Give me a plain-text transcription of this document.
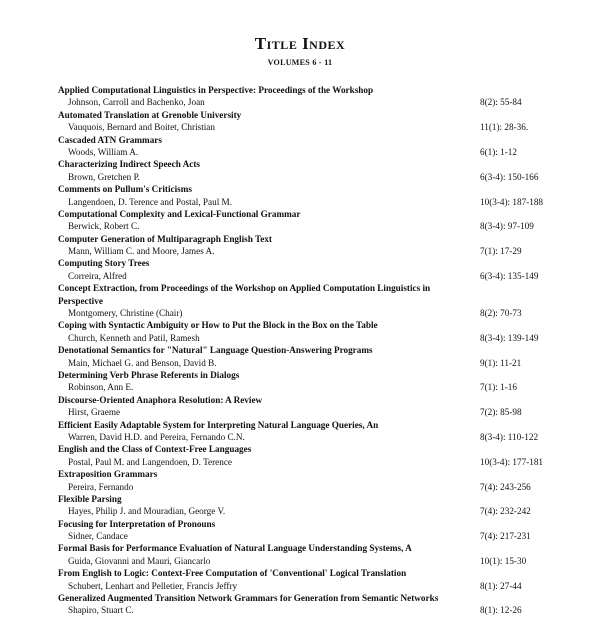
Title Index
VOLUMES 6 - 11
Applied Computational Linguistics in Perspective: Proceedings of the Workshop
Johnson, Carroll and Bachenko, Joan	8(2): 55-84
Automated Translation at Grenoble University
Vauquois, Bernard and Boitet, Christian	11(1): 28-36.
Cascaded ATN Grammars
Woods, William A.	6(1): 1-12
Characterizing Indirect Speech Acts
Brown, Gretchen P.	6(3-4): 150-166
Comments on Pullum's Criticisms
Langendoen, D. Terence and Postal, Paul M.	10(3-4): 187-188
Computational Complexity and Lexical-Functional Grammar
Berwick, Robert C.	8(3-4): 97-109
Computer Generation of Multiparagraph English Text
Mann, William C. and Moore, James A.	7(1): 17-29
Computing Story Trees
Correira, Alfred	6(3-4): 135-149
Concept Extraction, from Proceedings of the Workshop on Applied Computation Linguistics in Perspective
Montgomery, Christine (Chair)	8(2): 70-73
Coping with Syntactic Ambiguity or How to Put the Block in the Box on the Table
Church, Kenneth and Patil, Ramesh	8(3-4): 139-149
Denotational Semantics for "Natural" Language Question-Answering Programs
Main, Michael G. and Benson, David B.	9(1): 11-21
Determining Verb Phrase Referents in Dialogs
Robinson, Ann E.	7(1): 1-16
Discourse-Oriented Anaphora Resolution: A Review
Hirst, Graeme	7(2): 85-98
Efficient Easily Adaptable System for Interpreting Natural Language Queries, An
Warren, David H.D. and Pereira, Fernando C.N.	8(3-4): 110-122
English and the Class of Context-Free Languages
Postal, Paul M. and Langendoen, D. Terence	10(3-4): 177-181
Extraposition Grammars
Pereira, Fernando	7(4): 243-256
Flexible Parsing
Hayes, Philip J. and Mouradian, George V.	7(4): 232-242
Focusing for Interpretation of Pronouns
Sidner, Candace	7(4): 217-231
Formal Basis for Performance Evaluation of Natural Language Understanding Systems, A
Guida, Giovanni and Mauri, Giancarlo	10(1): 15-30
From English to Logic: Context-Free Computation of 'Conventional' Logical Translation
Schubert, Lenhart and Pelletier, Francis Jeffry	8(1): 27-44
Generalized Augmented Transition Network Grammars for Generation from Semantic Networks
Shapiro, Stuart C.	8(1): 12-26
